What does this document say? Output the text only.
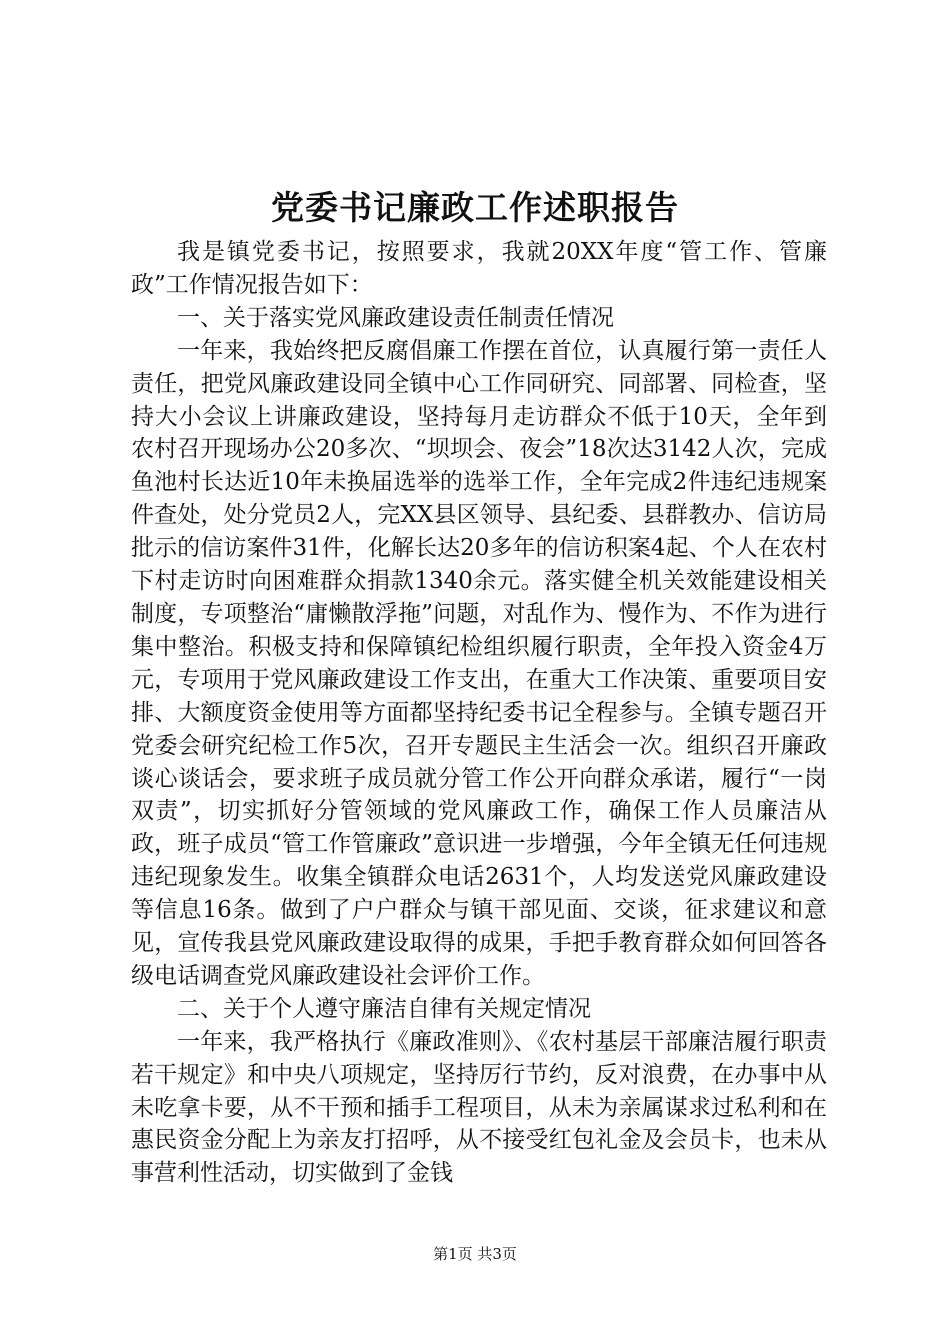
党委书记廉政工作述职报告

我是镇党委书记，按照要求，我就20XX年度“管工作、管廉政”工作情况报告如下：

一、关于落实党风廉政建设责任制责任情况

一年来，我始终把反腐倡廉工作摆在首位，认真履行第一责任人责任，把党风廉政建设同全镇中心工作同研究、同部署、同检查，坚持大小会议上讲廉政建设，坚持每月走访群众不低于10天，全年到农村召开现场办公20多次、“坝坝会、夜会”18次达3142人次，完成鱼池村长达近10年未换届选举的选举工作，全年完成2件违纪违规案件查处，处分党员2人，完XX县区领导、县纪委、县群教办、信访局批示的信访案件31件，化解长达20多年的信访积案4起、个人在农村下村走访时向困难群众捐款1340余元。落实健全机关效能建设相关制度，专项整治“庸懒散浮拖”问题，对乱作为、慢作为、不作为进行集中整治。积极支持和保障镇纪检组织履行职责，全年投入资金4万元，专项用于党风廉政建设工作支出，在重大工作决策、重要项目安排、大额度资金使用等方面都坚持纪委书记全程参与。全镇专题召开党委会研究纪检工作5次，召开专题民主生活会一次。组织召开廉政谈心谈话会，要求班子成员就分管工作公开向群众承诺，履行“一岗双责”，切实抓好分管领域的党风廉政工作，确保工作人员廉洁从政，班子成员“管工作管廉政”意识进一步增强，今年全镇无任何违规违纪现象发生。收集全镇群众电话2631个，人均发送党风廉政建设等信息16条。做到了户户群众与镇干部见面、交谈，征求建议和意见，宣传我县党风廉政建设取得的成果，手把手教育群众如何回答各级电话调查党风廉政建设社会评价工作。

二、关于个人遵守廉洁自律有关规定情况

一年来，我严格执行《廉政准则》、《农村基层干部廉洁履行职责若干规定》和中央八项规定，坚持厉行节约，反对浪费，在办事中从未吃拿卡要，从不干预和插手工程项目，从未为亲属谋求过私利和在惠民资金分配上为亲友打招呼，从不接受红包礼金及会员卡，也未从事营利性活动，切实做到了金钱

第1页 共3页
